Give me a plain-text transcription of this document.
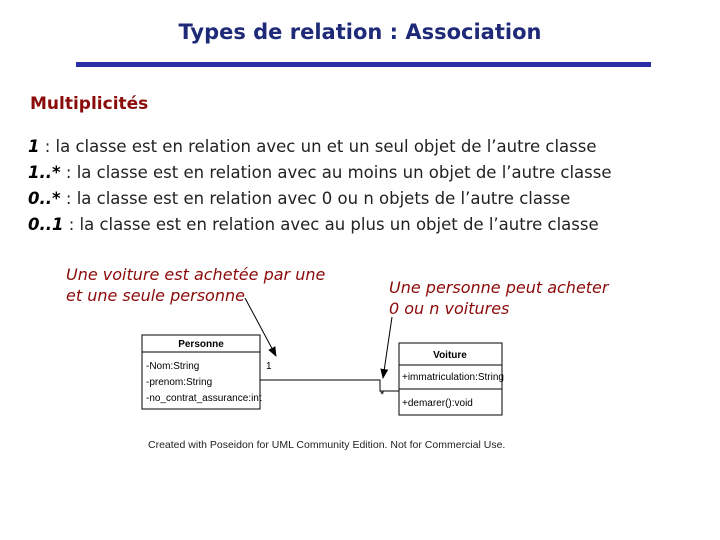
Types de relation : Association
Multiplicités
1 : la classe est en relation avec un et un seul objet de l’autre classe
1..* : la classe est en relation avec au moins un objet de l’autre classe
0..* : la classe est en relation avec 0 ou n objets de l’autre classe
0..1 : la classe est en relation avec au plus un objet de l’autre classe
Une voiture est achetée par une
et une seule personne	Une personne peut acheter
0 ou n voitures
Personne
-Nom:String
-prenom:String
-no_contrat_assurance:int
Voiture
+immatriculation:String
+demarer():void
1
*
Created with Poseidon for UML Community Edition. Not for Commercial Use.
